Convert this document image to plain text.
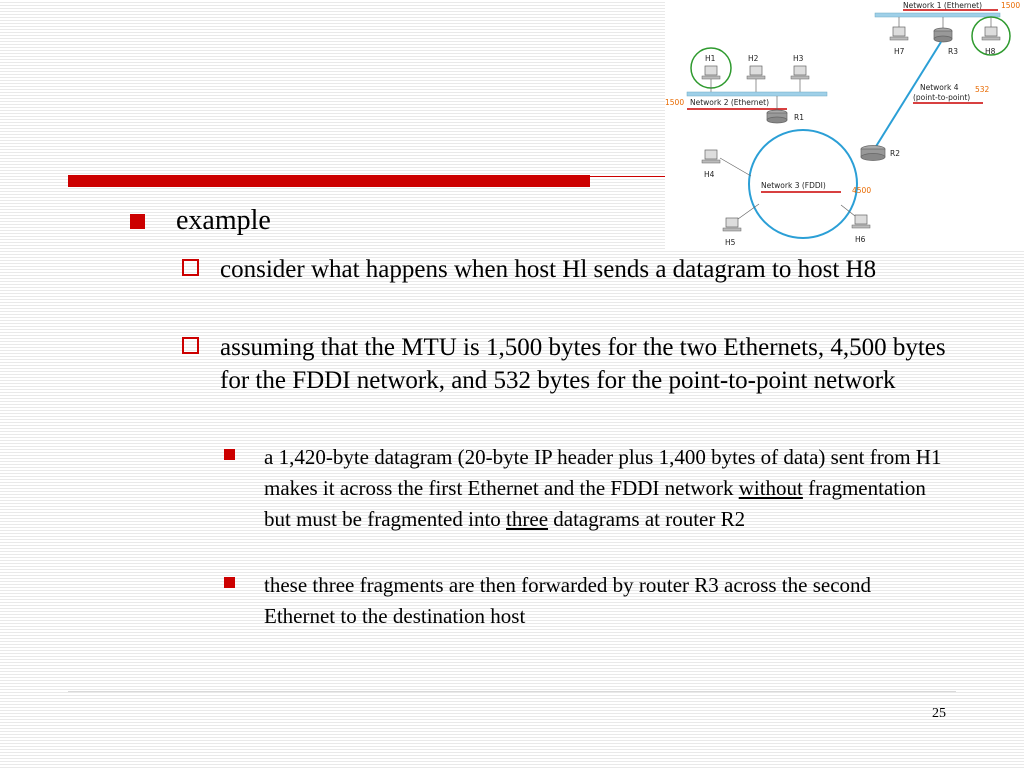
Network 1 (Ethernet)	1500
H7	R3	H8
Network 4
(point-to-point)
532
H1	H2	H3
1500 Network 2 (Ethernet)
R1
Network 3 (FDDI)
4500
R2
H4
H5	H6
example
consider what happens when host Hl sends a datagram to host H8
assuming that the MTU is 1,500 bytes for the two Ethernets, 4,500 bytes for the FDDI network, and 532 bytes for the point-to-point network
a 1,420-byte datagram (20-byte IP header plus 1,400 bytes of data) sent from H1 makes it across the first Ethernet and the FDDI network without fragmentation but must be fragmented into three datagrams at router R2
these three fragments are then forwarded by router R3 across the second Ethernet to the destination host
25
